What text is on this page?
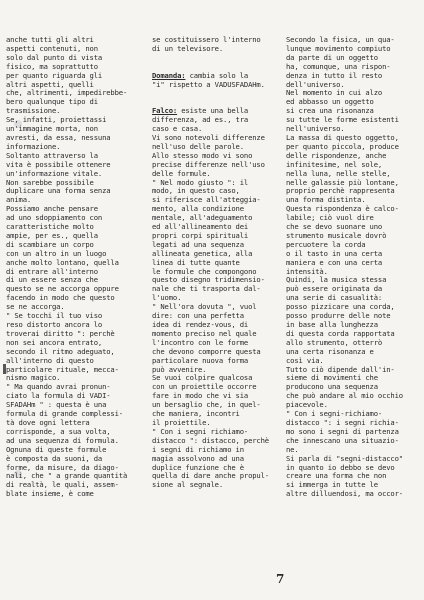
anche tutti gli altri
aspetti contenuti, non
solo dal punto di vista
fisico, ma soprattutto
per quanto riguarda gli
altri aspetti, quelli
che, altrimenti, impedirebbe-
bero qualunque tipo di
trasmissione.
Se, infatti, proiettassi
un'immagine morta, non
avresti, da essa, nessuna
informazione.
Soltanto attraverso la
vita è possibile ottenere
un'informazione vitale.
Non sarebbe possibile
duplicare una forma senza
anima.
Possiamo anche pensare
ad uno sdoppiamento con
caratteristiche molto
ampie, per es., quella
di scambiare un corpo
con un altro in un luogo
anche molto lontano, quella
di entrare all'interno
di un essere senza che
questo se ne accorga oppure
facendo in modo che questo
se ne accorga.
" Se tocchi il tuo viso
reso distorto ancora lo
troverai diritto ": perchè
non sei ancora entrato,
secondo il ritmo adeguato,
all'interno di questo
particolare rituale, mecca-
nismo magico.
" Ma quando avrai pronun-
ciato la formula di VADI-
SFADAHm " : questa è una
formula di grande complessi-
tà dove ogni lettera
corrisponde, a sua volta,
ad una sequenza di formula.
Ognuna di queste formule
è composta da suoni, da
forme, da misure, da diago-
nali, che " a grande quantità
di realtà, le quali, assem-
blate insieme, è come
se costituissero l'interno
di un televisore.
Domanda: cambia solo la
"i" rispetto a VADUSFADAHm.
Falco: esiste una bella
differenza, ad es., tra
caso e casa.
Vi sono notevoli differenze
nell'uso delle parole.
Allo stesso modo vi sono
precise differenze nell'uso
delle formule.
" Nel modo giusto ": il
modo, in questo caso,
si riferisce all'atteggia-
mento, alla condizione
mentale, all'adeguamento
ed all'allineamento dei
propri corpi spirituali
legati ad una sequenza
allineata genetica, alla
linea di tutte quante
le formule che compongono
questo disegno tridimensio-
nale che ti trasporta dal-
l'uomo.
" Nell'ora dovuta ", vuol
dire: con una perfetta
idea di rendez-vous, di
momento preciso nel quale
l'incontro con le forme
che devono comporre questa
particolare nuova forma
può avvenire.
Se vuoi colpire qualcosa
con un proiettile occorre
fare in modo che vi sia
un bersaglio che, in quel-
che maniera, incontri
il proiettile.
" Con i segni richiamo-
distacco ": distacco, perchè
i segni di richiamo in
magia assolvono ad una
duplice funzione che è
quella di dare anche propul-
sione al segnale.
Secondo la fisica, un qua-
lunque movimento compiuto
da parte di un oggetto
ha, comunque, una rispon-
denza in tutto il resto
dell'universo.
Nel momento in cui alzo
ed abbasso un oggetto
si crea una risonanza
su tutte le forme esistenti
nell'universo.
La massa di questo oggetto,
per quanto piccola, produce
delle rispondenze, anche
infinitesime, nel sole,
nella luna, nelle stelle,
nelle galassie più lontane,
proprio perchè rappresenta
una forma distinta.
Questa rispondenza è calco-
labile; ciò vuol dire
che se devo suonare uno
strumento musicale dovrò
percuotere la corda
o il tasto in una certa
maniera e con una certa
intensità.
Quindi, la musica stessa
può essere originata da
una serie di casualità:
posso pizzicare una corda,
posso produrre delle note
in base alla lunghezza
di questa corda rapportata
allo strumento, otterrò
una certa risonanza e
così via.
Tutto ciò dipende dall'in-
sieme di movimenti che
producono una sequenza
che può andare al mio occhio
piacevole.
" Con i segni-richiamo-
distacco ": i segni richia-
mo sono i segni di partenza
che innescano una situazio-
ne.
Si parla di "segni-distacco"
in quanto io debbo se devo
creare una forma che non
si immerga in tutte le
altre dilluendosi, ma occor-
7
